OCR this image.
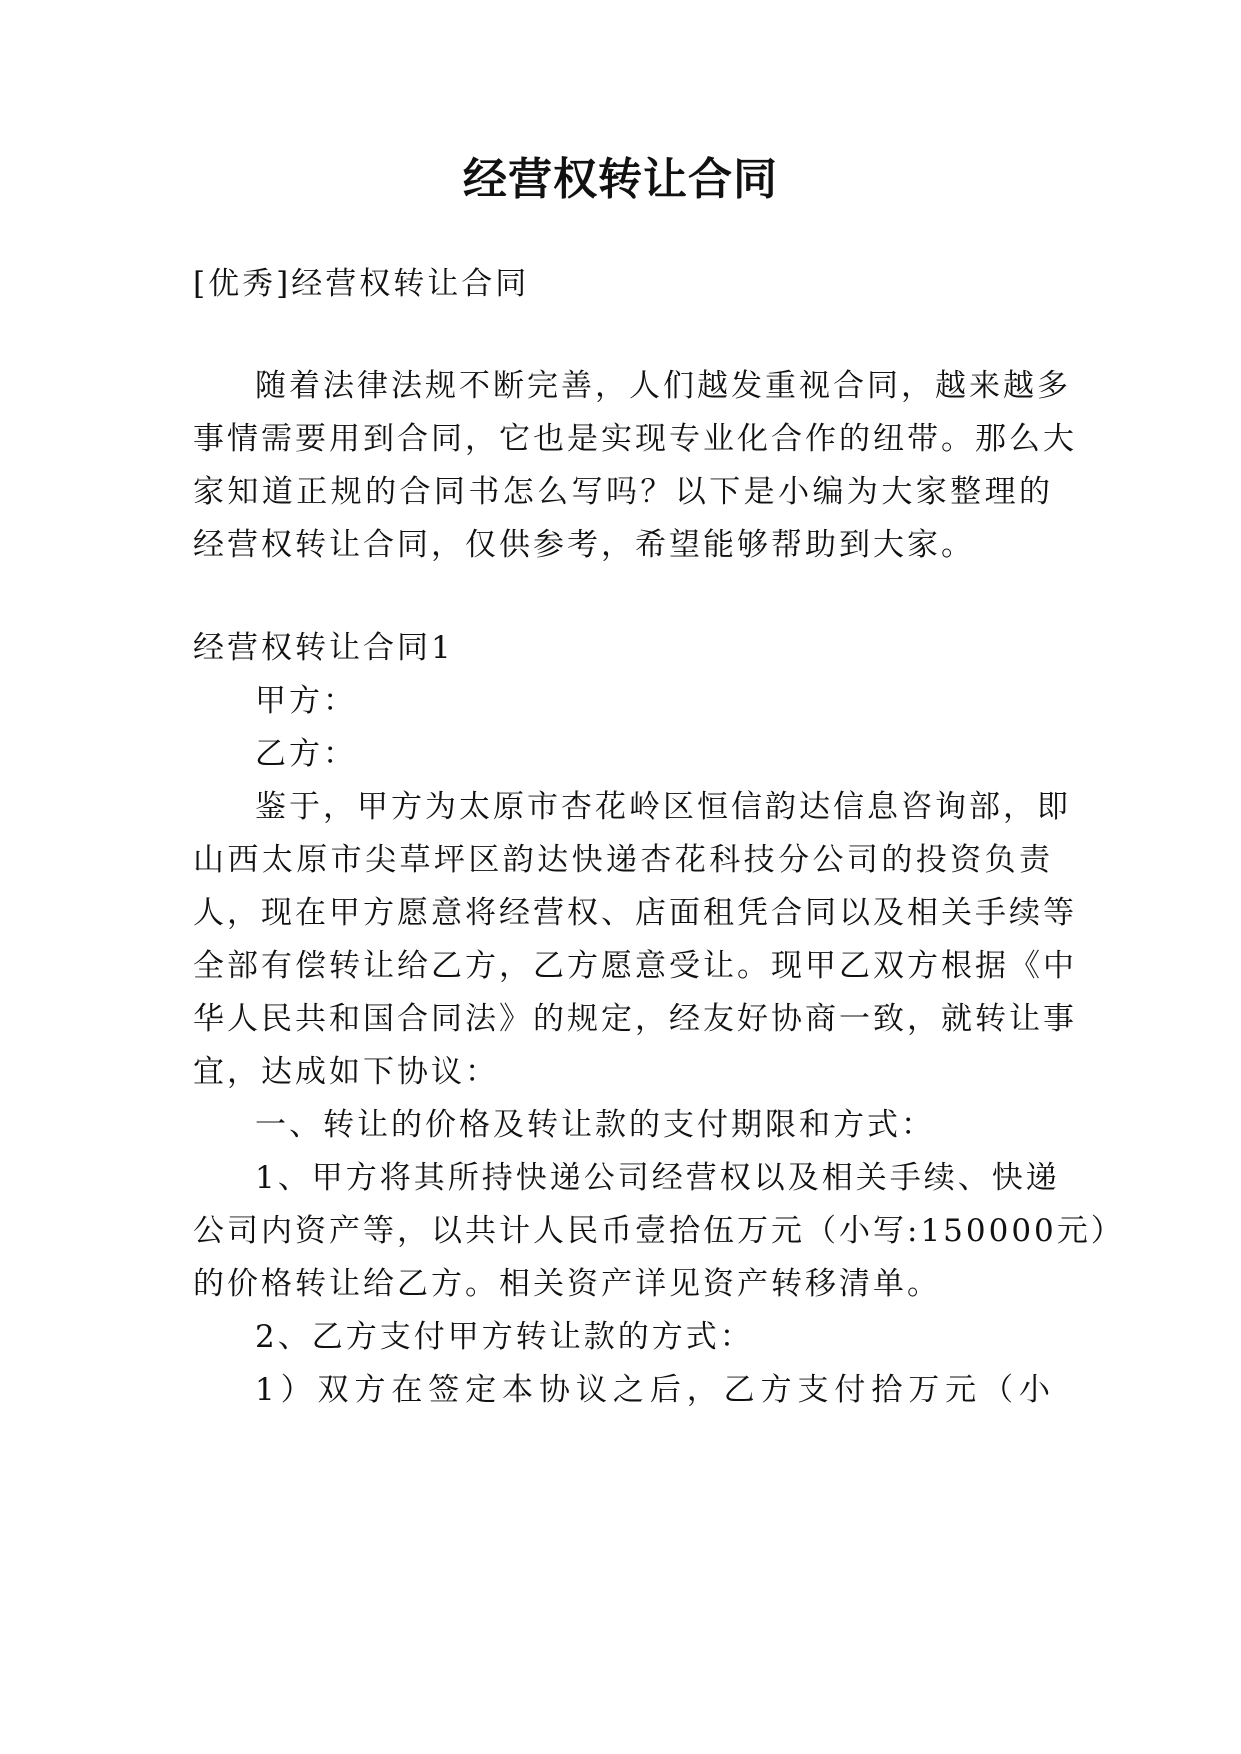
经营权转让合同
[优秀]经营权转让合同
随着法律法规不断完善，人们越发重视合同，越来越多
事情需要用到合同，它也是实现专业化合作的纽带。那么大
家知道正规的合同书怎么写吗？以下是小编为大家整理的
经营权转让合同，仅供参考，希望能够帮助到大家。
经营权转让合同1
甲方：
乙方：
鉴于，甲方为太原市杏花岭区恒信韵达信息咨询部，即
山西太原市尖草坪区韵达快递杏花科技分公司的投资负责
人，现在甲方愿意将经营权、店面租凭合同以及相关手续等
全部有偿转让给乙方，乙方愿意受让。现甲乙双方根据《中
华人民共和国合同法》的规定，经友好协商一致，就转让事
宜，达成如下协议：
一、转让的价格及转让款的支付期限和方式：
1、甲方将其所持快递公司经营权以及相关手续、快递
公司内资产等，以共计人民币壹拾伍万元（小写:150000元）
的价格转让给乙方。相关资产详见资产转移清单。
2、乙方支付甲方转让款的方式：
1）双方在签定本协议之后，乙方支付拾万元（小
